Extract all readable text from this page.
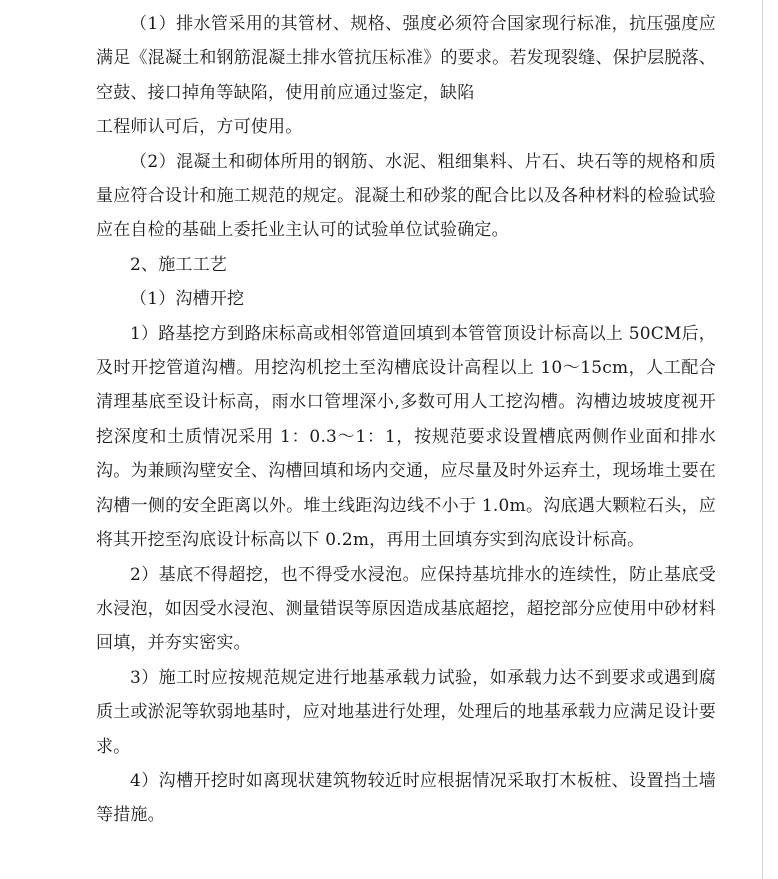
（1）排水管采用的其管材、规格、强度必须符合国家现行标准，抗压强度应满足《混凝土和钢筋混凝土排水管抗压标准》的要求。若发现裂缝、保护层脱落、空鼓、接口掉角等缺陷，使用前应通过鉴定，缺陷

工程师认可后，方可使用。

（2）混凝土和砌体所用的钢筋、水泥、粗细集料、片石、块石等的规格和质量应符合设计和施工规范的规定。混凝土和砂浆的配合比以及各种材料的检验试验应在自检的基础上委托业主认可的试验单位试验确定。

2、施工工艺

（1）沟槽开挖

1）路基挖方到路床标高或相邻管道回填到本管管顶设计标高以上 50CM后，及时开挖管道沟槽。用挖沟机挖土至沟槽底设计高程以上 10～15cm，人工配合清理基底至设计标高，雨水口管埋深小,多数可用人工挖沟槽。沟槽边坡坡度视开挖深度和土质情况采用 1：0.3～1：1，按规范要求设置槽底两侧作业面和排水沟。为兼顾沟壁安全、沟槽回填和场内交通，应尽量及时外运弃土，现场堆土要在沟槽一侧的安全距离以外。堆土线距沟边线不小于 1.0m。沟底遇大颗粒石头，应将其开挖至沟底设计标高以下 0.2m，再用土回填夯实到沟底设计标高。

2）基底不得超挖，也不得受水浸泡。应保持基坑排水的连续性，防止基底受水浸泡，如因受水浸泡、测量错误等原因造成基底超挖，超挖部分应使用中砂材料回填，并夯实密实。

3）施工时应按规范规定进行地基承载力试验，如承载力达不到要求或遇到腐质土或淤泥等软弱地基时，应对地基进行处理，处理后的地基承载力应满足设计要求。

4）沟槽开挖时如离现状建筑物较近时应根据情况采取打木板桩、设置挡土墙等措施。
